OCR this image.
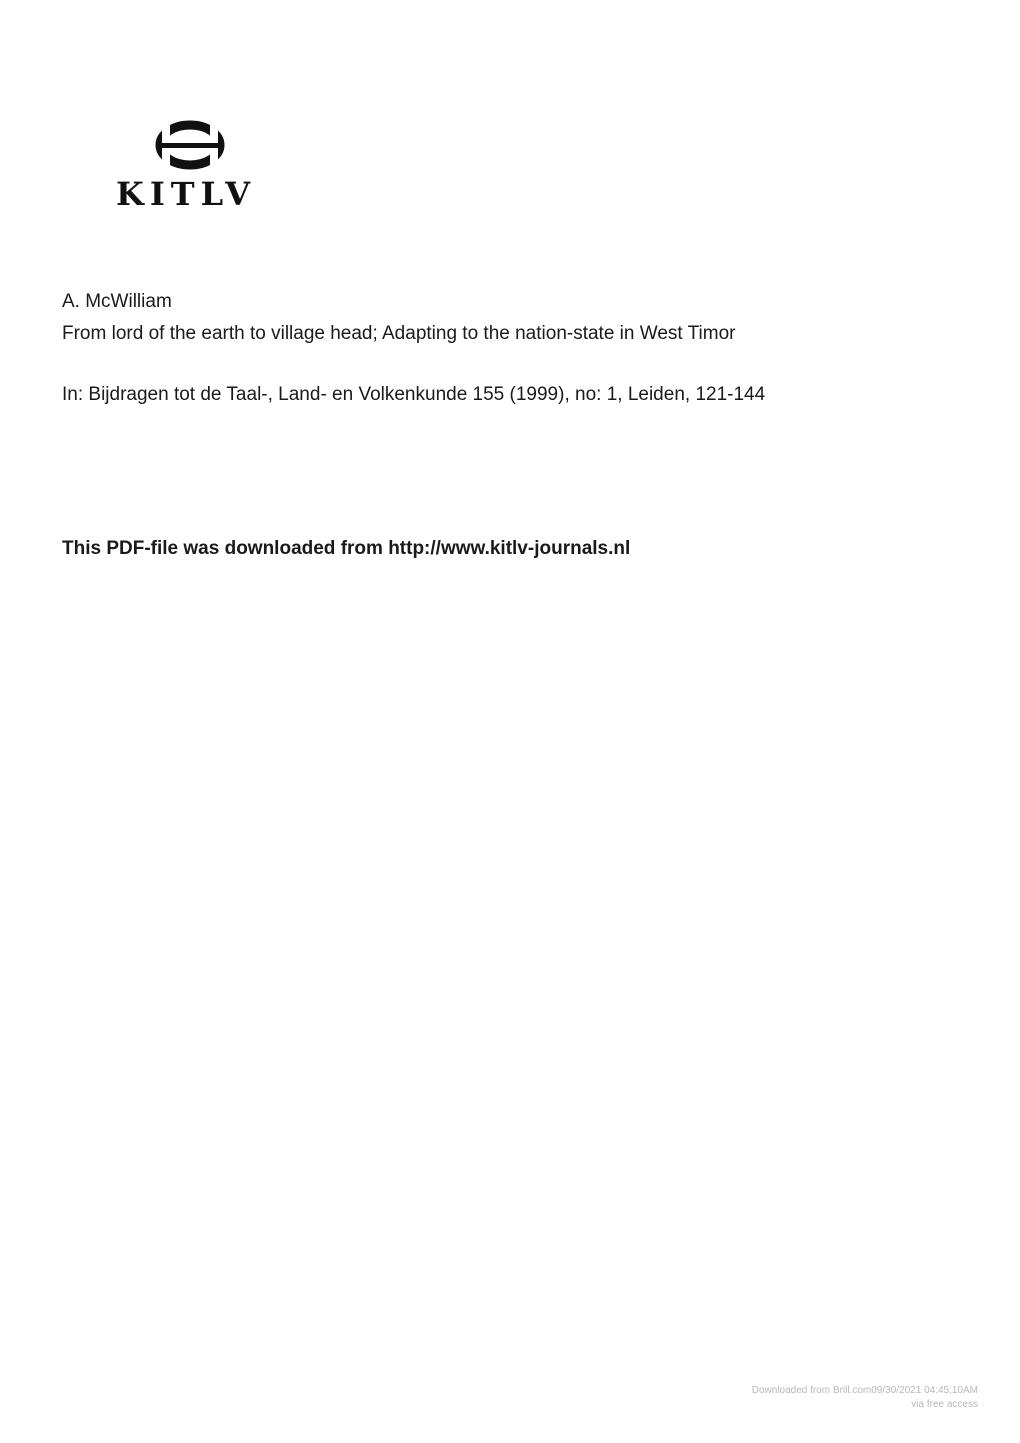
KITLV
A. McWilliam
From lord of the earth to village head; Adapting to the nation-state in West Timor
In: Bijdragen tot de Taal-, Land- en Volkenkunde 155 (1999), no: 1, Leiden, 121-144
This PDF-file was downloaded from http://www.kitlv-journals.nl
Downloaded from Brill.com09/30/2021 04:45:10AM
via free access
